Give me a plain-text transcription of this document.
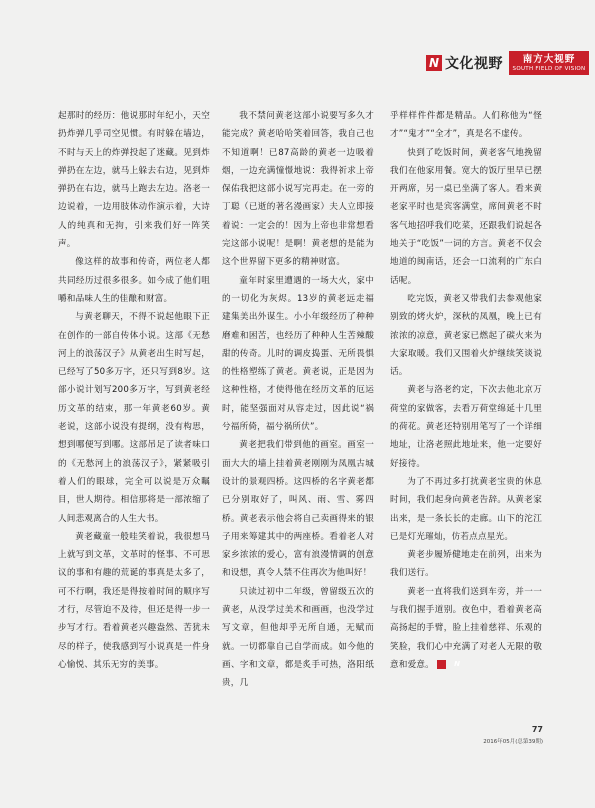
N 文化视野 南方大视野
SOUTH FIELD OF VISION

起那时的经历：他说那时年纪小，天空扔炸弹几乎司空见惯。有时躲在墙边，不时与天上的炸弹投起了迷藏。见到炸弹扔在左边，就马上躲去右边，见到炸弹扔在右边，就马上跑去左边。洛老一边说着，一边用肢体动作演示着，大诗人的纯真和无拘，引来我们好一阵笑声。

像这样的故事和传奇，两位老人都共同经历过很多很多。如今成了他们咀嚼和品味人生的佳酿和财富。

与黄老聊天，不得不说起他眼下正在创作的一部自传体小说。这部《无愁河上的浪荡汉子》从黄老出生时写起，已经写了50多万字，还只写到8岁。这部小说计划写200多万字，写到黄老经历文革的结束，那一年黄老60岁。黄老说，这部小说没有提纲，没有构思，想到哪便写到哪。这部吊足了读者味口的《无愁河上的浪荡汉子》，紧紧吸引着人们的眼球，完全可以说是万众瞩目，世人期待。相信那将是一部浓缩了人间悲观离合的人生大书。

黄老藏童一般哇笑着说，我很想马上就写到文革，文革时的怪事、不可思议的事和有趣的荒诞的事真是太多了，可不行啊，我还是得按着时间的顺序写才行，尽管迫不及待，但还是得一步一步写才行。看着黄老兴趣盎然、苦犹未尽的样子，使我感到写小说真是一件身心愉悦、其乐无穷的美事。

我不禁问黄老这部小说要写多久才能完成？黄老哈哈笑着回答，我自己也不知道啊！已87高龄的黄老一边吸着烟，一边充满憧憬地说：我得祈求上帝保佑我把这部小说写完再走。在一旁的丁聪（已逝的著名漫画家）夫人立即接着说：一定会的！因为上帝也非常想看完这部小说呢！是啊！黄老想的是能为这个世界留下更多的精神财富。

童年时家里遭遇的一场大火，家中的一切化为灰烬。13岁的黄老远走福建集美出外谋生。小小年级经历了种种磨难和困苦，也经历了种种人生苦辣酸甜的传奇。儿时的调皮捣蛋、无所畏惧的性格塑练了黄老。黄老说，正是因为这种性格，才使得他在经历文革的厄运时，能坚强面对从容走过，因此说“祸兮福所倚，福兮祸所伏”。

黄老把我们带到他的画室。画室一面大大的墙上挂着黄老刚刚为凤凰古城设计的景观四桥。这四桥的名字黄老都已分别取好了，叫风、雨、雪、雾四桥。黄老表示他会将自己卖画得来的银子用来筹建其中的两座桥。看着老人对家乡浓浓的爱心，富有浪漫情调的创意和设想，真令人禁不住再次为他叫好！

只读过初中二年级，曾留级五次的黄老，从没学过美术和画画，也没学过写文章，但他却乎无所自通，无赋而就。一切都靠自己自学而成。如今他的画、字和文章，都是炙手可热，洛阳纸贵，几

乎样样件件都是精品。人们称他为“怪才”“鬼才”“全才”，真是名不虚传。

快到了吃饭时间，黄老客气地挽留我们在他家用餐。宽大的饭厅里早已摆开两席，另一桌已坐满了客人。看来黄老家平时也是宾客满堂，席间黄老不时客气地招呼我们吃菜，还跟我们说起各地关于“吃饭”一词的方言。黄老不仅会地道的闽南话，还会一口流利的广东白话呢。

吃完饭，黄老又带我们去参观他家别致的烤火炉，深秋的凤凰，晚上已有浓浓的凉意，黄老家已燃起了碳火来为大家取暖。我们又围着火炉继续笑谈说话。

黄老与洛老约定，下次去他北京万荷堂的家做客，去看万荷堂绵延十几里的荷花。黄老还特别用笔写了一个详细地址，让洛老照此地址来，他一定要好好接待。

为了不再过多打扰黄老宝贵的休息时间，我们起身向黄老告辞。从黄老家出来，是一条长长的走廊。山下的沱江已是灯光璀灿，仿若点点星光。

黄老步履矫健地走在前列，出来为我们送行。

黄老一直将我们送到车旁，并一一与我们握手道别。夜色中，看着黄老高高扬起的手臂，脸上挂着慈祥、乐观的笑脸，我们心中充满了对老人无限的敬意和爱意。	N

77
2016年05月(总第39期)
